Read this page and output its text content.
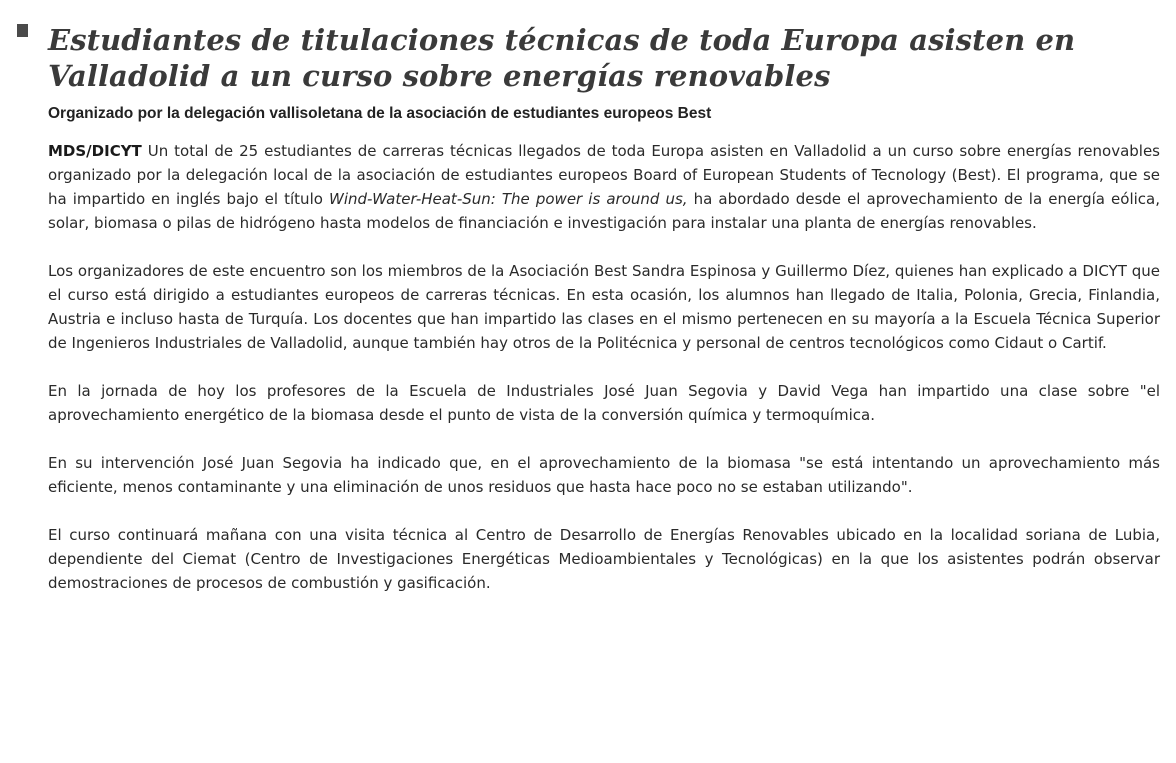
Estudiantes de titulaciones técnicas de toda Europa asisten en Valladolid a un curso sobre energías renovables
Organizado por la delegación vallisoletana de la asociación de estudiantes europeos Best

MDS/DICYT Un total de 25 estudiantes de carreras técnicas llegados de toda Europa asisten en Valladolid a un curso sobre energías renovables organizado por la delegación local de la asociación de estudiantes europeos Board of European Students of Tecnology (Best). El programa, que se ha impartido en inglés bajo el título Wind-Water-Heat-Sun: The power is around us, ha abordado desde el aprovechamiento de la energía eólica, solar, biomasa o pilas de hidrógeno hasta modelos de financiación e investigación para instalar una planta de energías renovables.

Los organizadores de este encuentro son los miembros de la Asociación Best Sandra Espinosa y Guillermo Díez, quienes han explicado a DICYT que el curso está dirigido a estudiantes europeos de carreras técnicas. En esta ocasión, los alumnos han llegado de Italia, Polonia, Grecia, Finlandia, Austria e incluso hasta de Turquía. Los docentes que han impartido las clases en el mismo pertenecen en su mayoría a la Escuela Técnica Superior de Ingenieros Industriales de Valladolid, aunque también hay otros de la Politécnica y personal de centros tecnológicos como Cidaut o Cartif.

En la jornada de hoy los profesores de la Escuela de Industriales José Juan Segovia y David Vega han impartido una clase sobre "el aprovechamiento energético de la biomasa desde el punto de vista de la conversión química y termoquímica.

En su intervención José Juan Segovia ha indicado que, en el aprovechamiento de la biomasa "se está intentando un aprovechamiento más eficiente, menos contaminante y una eliminación de unos residuos que hasta hace poco no se estaban utilizando".

El curso continuará mañana con una visita técnica al Centro de Desarrollo de Energías Renovables ubicado en la localidad soriana de Lubia, dependiente del Ciemat (Centro de Investigaciones Energéticas Medioambientales y Tecnológicas) en la que los asistentes podrán observar demostraciones de procesos de combustión y gasificación.
